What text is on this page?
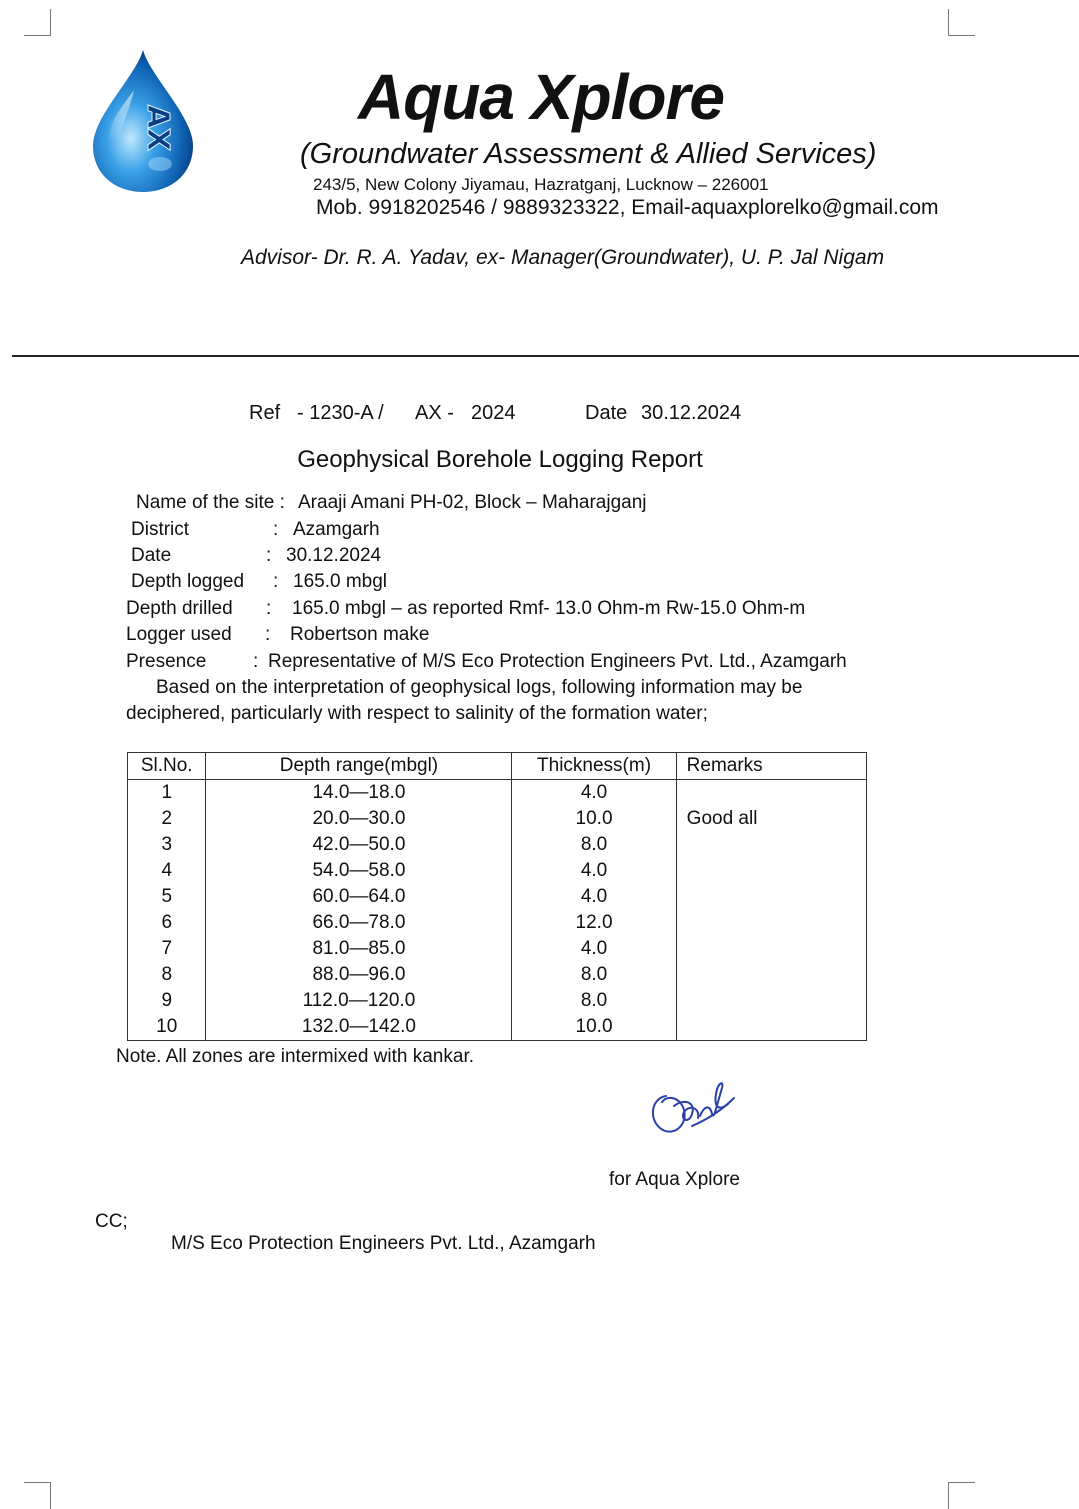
AX	Aqua Xplore
(Groundwater Assessment & Allied Services)
243/5, New Colony Jiyamau, Hazratganj, Lucknow – 226001
Mob. 9918202546 / 9889323322, Email-aquaxplorelko@gmail.com
Advisor- Dr. R. A. Yadav, ex- Manager(Groundwater), U. P. Jal Nigam
Ref - 1230-A / AX - 2024	Date 30.12.2024
Geophysical Borehole Logging Report
Name of the site : Araaji Amani PH-02, Block – Maharajganj
District	: Azamgarh
Date	: 30.12.2024
Depth logged : 165.0 mbgl
Depth drilled : 165.0 mbgl – as reported Rmf- 13.0 Ohm-m Rw-15.0 Ohm-m
Logger used : Robertson make
Presence : Representative of M/S Eco Protection Engineers Pvt. Ltd., Azamgarh
Based on the interpretation of geophysical logs, following information may be
deciphered, particularly with respect to salinity of the formation water;
Sl.No.	Depth range(mbgl)	Thickness(m)	Remarks
1	14.0—18.0	4.0	
2	20.0—30.0	10.0	Good all
3	42.0—50.0	8.0	
4	54.0—58.0	4.0	
5	60.0—64.0	4.0	
6	66.0—78.0	12.0	
7	81.0—85.0	4.0	
8	88.0—96.0	8.0	
9	112.0—120.0	8.0	
10	132.0—142.0	10.0	
Note. All zones are intermixed with kankar.
for Aqua Xplore
CC;
M/S Eco Protection Engineers Pvt. Ltd., Azamgarh
